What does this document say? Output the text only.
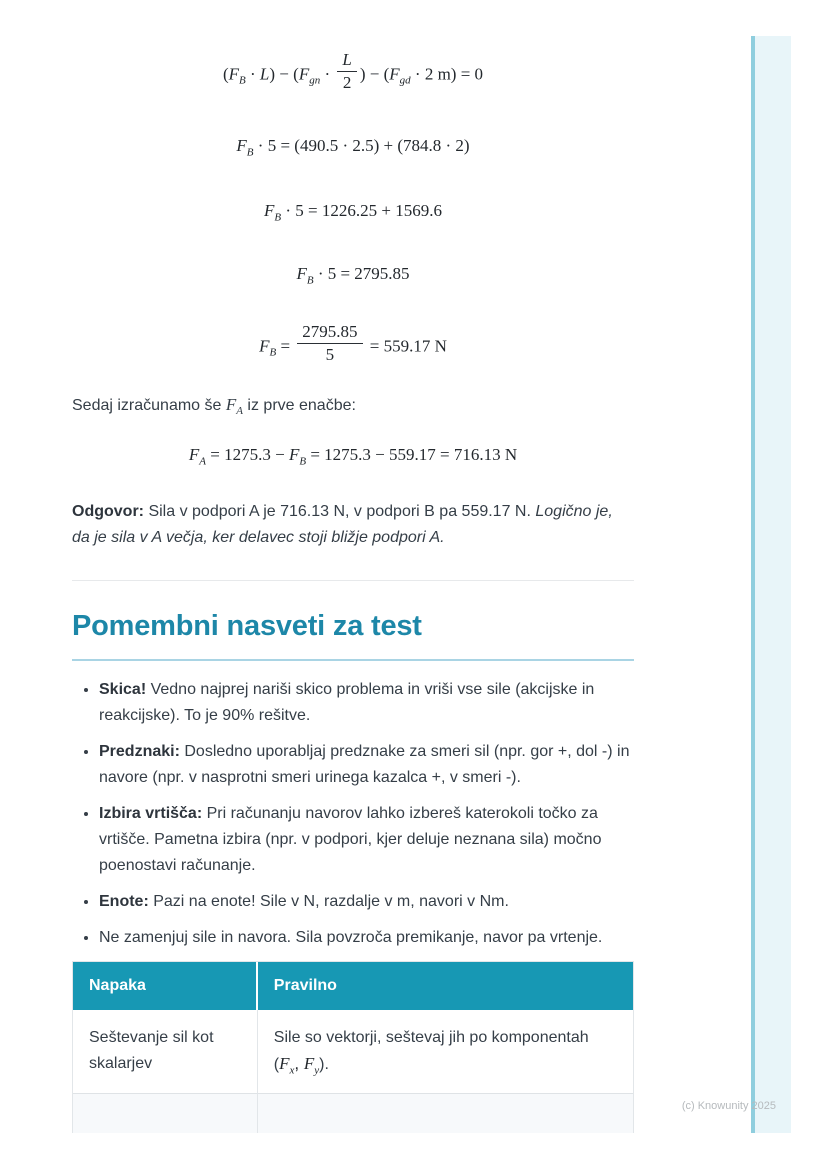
$(F_B \cdot L) - (F_{gn} \cdot \frac{L}{2}$ ) − ($F_{gd} \cdot 2$ m) = 0
$F_B \cdot 5 = (490.5 \cdot 2.5) + (784.8 \cdot 2)$
$F_B \cdot 5 = 1226.25 + 1569.6$
$F_B \cdot 5 = 2795.85$
$F_B = \frac{2795.85}{5} = 559.17$ N

Sedaj izračunamo še $F_A$ iz prve enačbe:

$F_A = 1275.3 - F_B = 1275.3 - 559.17 = 716.13$ N

Odgovor: Sila v podpori A je 716.13 N, v podpori B pa 559.17 N. Logično je, da je sila v A večja, ker delavec stoji bližje podpori A.

Pomembni nasveti za test
• Skica! Vedno najprej nariši skico problema in vriši vse sile (akcijske in reakcijske). To je 90% rešitve.
• Predznaki: Dosledno uporabljaj predznake za smeri sil (npr. gor +, dol -) in navore (npr. v nasprotni smeri urinega kazalca +, v smeri -).
• Izbira vrtišča: Pri računanju navorov lahko izbereš katerokoli točko za vrtišče. Pametna izbira (npr. v podpori, kjer deluje neznana sila) močno poenostavi računanje.
• Enote: Pazi na enote! Sile v N, razdalje v m, navori v Nm.
• Ne zamenjuj sile in navora. Sila povzroča premikanje, navor pa vrtenje.
Napaka	Pravilno
Seštevanje sil kot skalarjev	Sile so vektorji, seštevaj jih po komponentah ($F_x$, $F_y$).

(c) Knowunity 2025
